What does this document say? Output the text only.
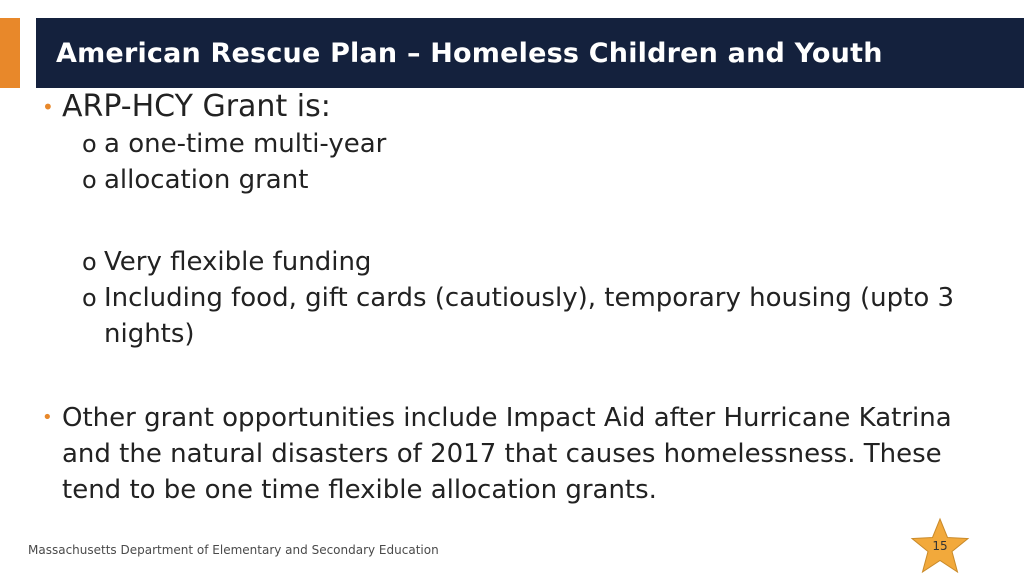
American Rescue Plan – Homeless Children and Youth
• ARP-HCY Grant is:
o a one-time multi-year
o allocation grant
o Very flexible funding
o Including food, gift cards (cautiously), temporary housing (upto 3 nights)
• Other grant opportunities include Impact Aid after Hurricane Katrina and the natural disasters of 2017 that causes homelessness. These tend to be one time flexible allocation grants.
Massachusetts Department of Elementary and Secondary Education	15
